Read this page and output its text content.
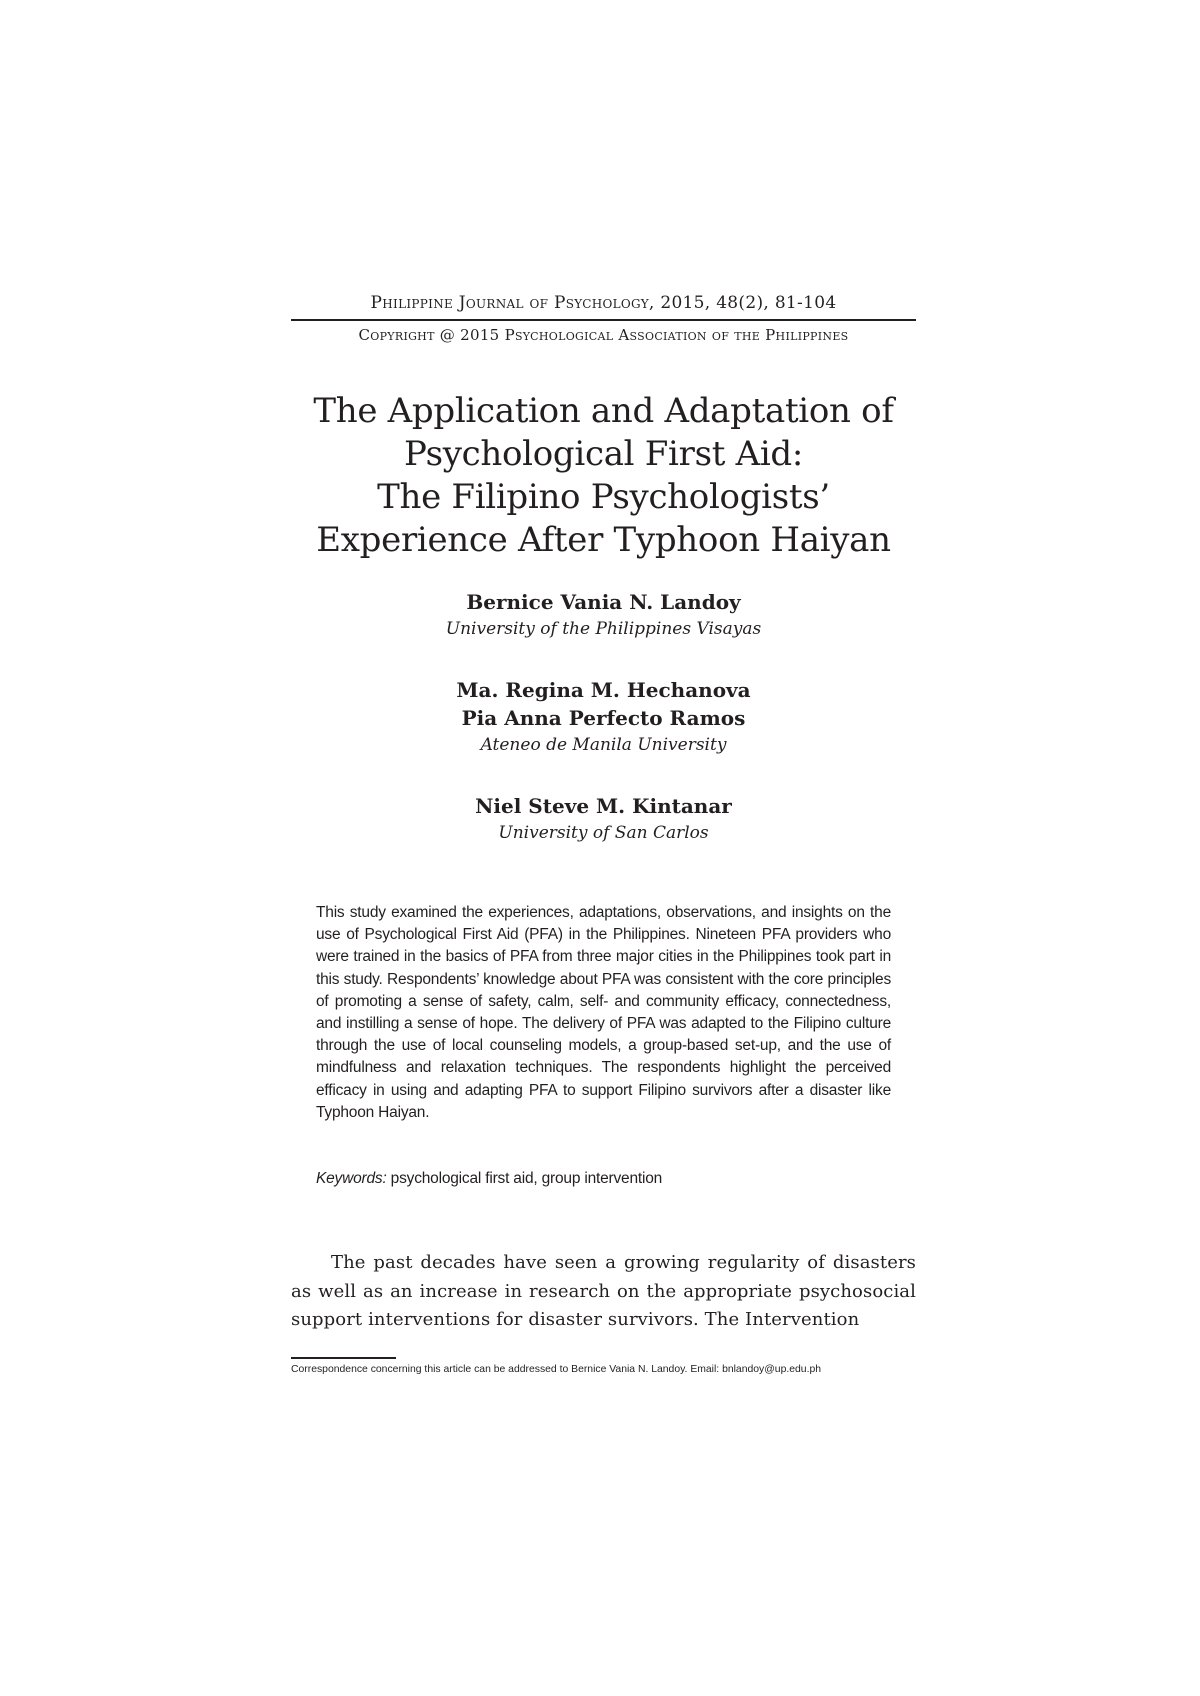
Philippine Journal of Psychology, 2015, 48(2), 81-104
Copyright @ 2015 Psychological Association of the Philippines
The Application and Adaptation of
Psychological First Aid:
The Filipino Psychologists’
Experience After Typhoon Haiyan
Bernice Vania N. Landoy
University of the Philippines Visayas
Ma. Regina M. Hechanova
Pia Anna Perfecto Ramos
Ateneo de Manila University
Niel Steve M. Kintanar
University of San Carlos

This study examined the experiences, adaptations, observations, and insights on the use of Psychological First Aid (PFA) in the Philippines. Nineteen PFA providers who were trained in the basics of PFA from three major cities in the Philippines took part in this study. Respondents’ knowledge about PFA was consistent with the core principles of promoting a sense of safety, calm, self- and community efficacy, connectedness, and instilling a sense of hope. The delivery of PFA was adapted to the Filipino culture through the use of local counseling models, a group-based set-up, and the use of mindfulness and relaxation techniques. The respondents highlight the perceived efficacy in using and adapting PFA to support Filipino survivors after a disaster like Typhoon Haiyan.

Keywords: psychological first aid, group intervention

The past decades have seen a growing regularity of disasters as well as an increase in research on the appropriate psychosocial support interventions for disaster survivors. The Intervention

Correspondence concerning this article can be addressed to Bernice Vania N. Landoy. Email: bnlandoy@up.edu.ph
